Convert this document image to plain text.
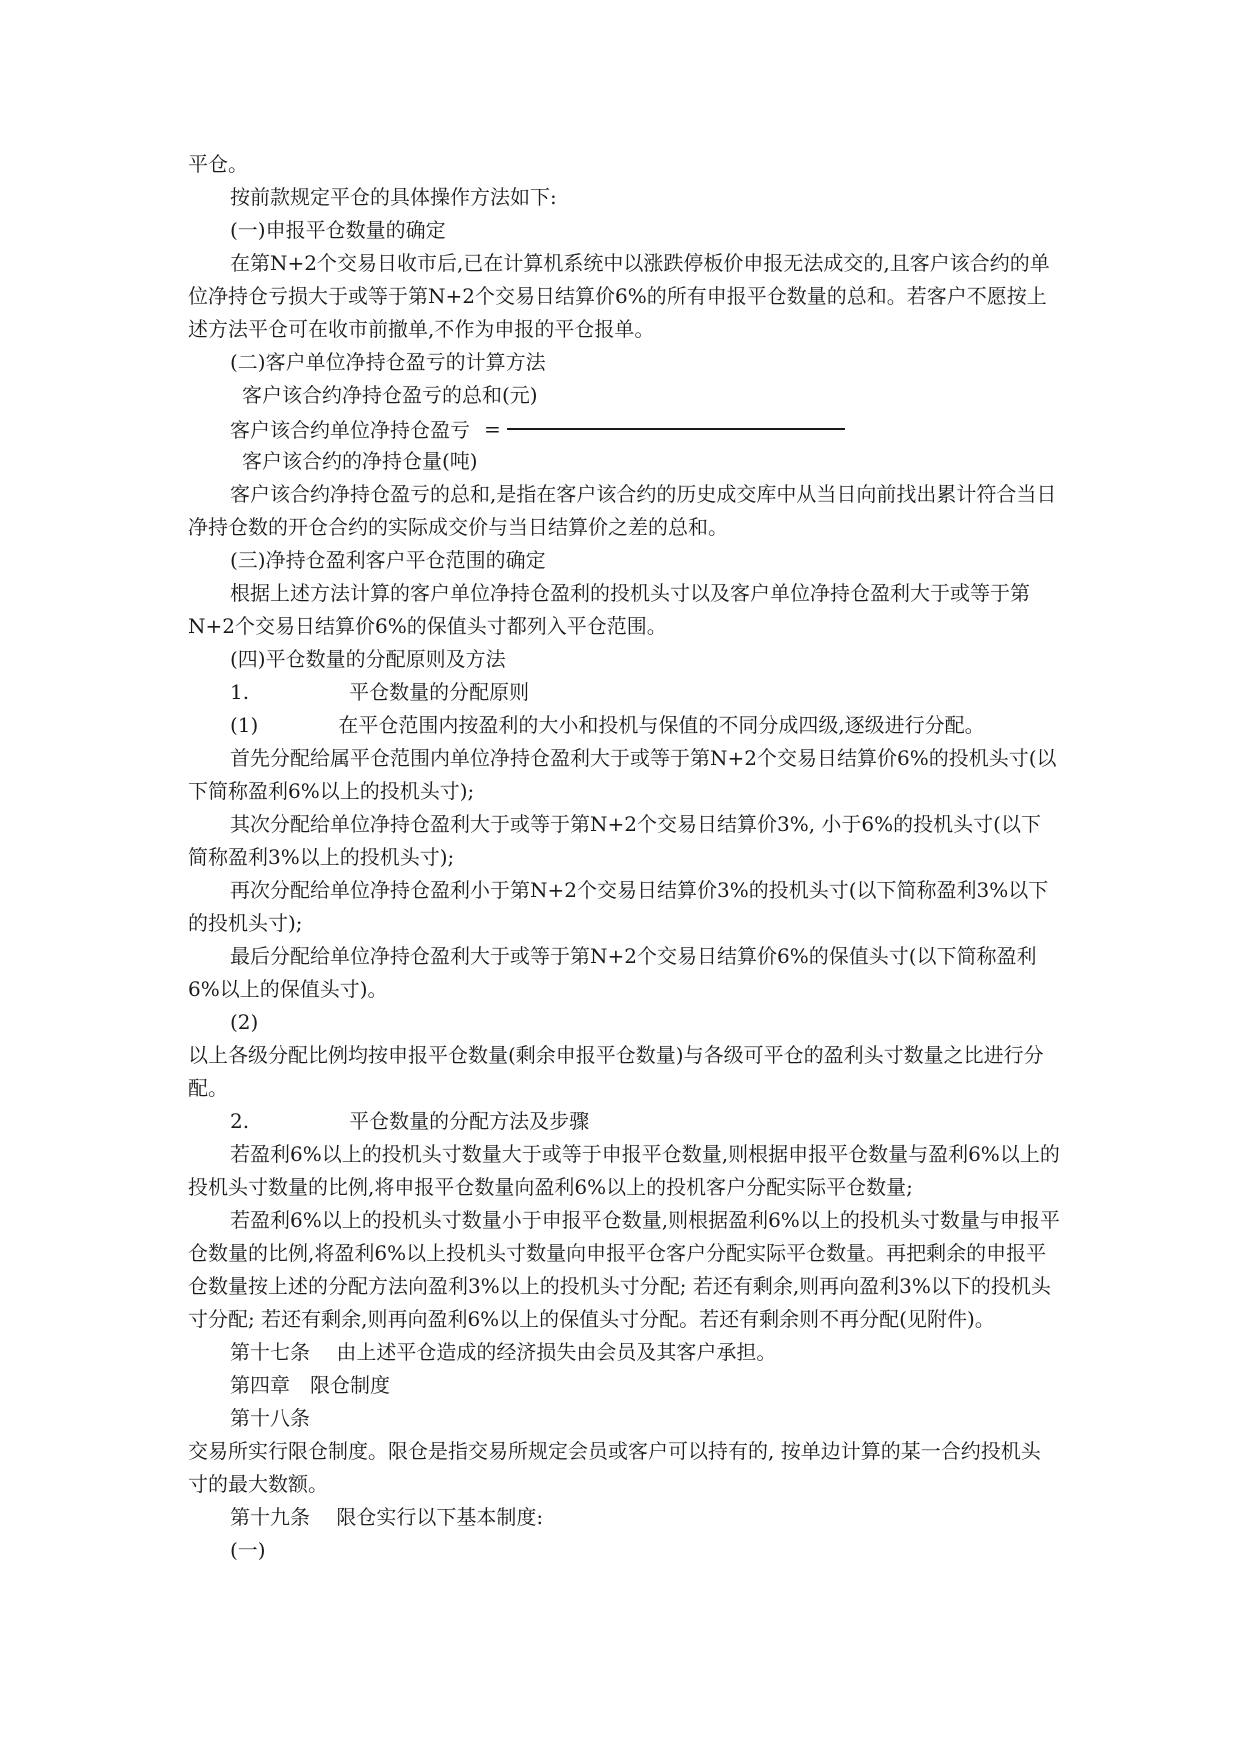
平仓。

按前款规定平仓的具体操作方法如下:

(一)申报平仓数量的确定

在第N+2个交易日收市后,已在计算机系统中以涨跌停板价申报无法成交的,且客户该合约的单位净持仓亏损大于或等于第N+2个交易日结算价6%的所有申报平仓数量的总和。若客户不愿按上述方法平仓可在收市前撤单,不作为申报的平仓报单。

(二)客户单位净持仓盈亏的计算方法

客户该合约净持仓盈亏的总和(元)

客户该合约单位净持仓盈亏 =

客户该合约的净持仓量(吨)

客户该合约净持仓盈亏的总和,是指在客户该合约的历史成交库中从当日向前找出累计符合当日净持仓数的开仓合约的实际成交价与当日结算价之差的总和。

(三)净持仓盈利客户平仓范围的确定

根据上述方法计算的客户单位净持仓盈利的投机头寸以及客户单位净持仓盈利大于或等于第N+2个交易日结算价6%的保值头寸都列入平仓范围。

(四)平仓数量的分配原则及方法

1.　　　　　平仓数量的分配原则

(1)　　　　在平仓范围内按盈利的大小和投机与保值的不同分成四级,逐级进行分配。

首先分配给属平仓范围内单位净持仓盈利大于或等于第N+2个交易日结算价6%的投机头寸(以下简称盈利6%以上的投机头寸);

其次分配给单位净持仓盈利大于或等于第N+2个交易日结算价3%, 小于6%的投机头寸(以下简称盈利3%以上的投机头寸);

再次分配给单位净持仓盈利小于第N+2个交易日结算价3%的投机头寸(以下简称盈利3%以下的投机头寸);

最后分配给单位净持仓盈利大于或等于第N+2个交易日结算价6%的保值头寸(以下简称盈利6%以上的保值头寸)。

(2)

以上各级分配比例均按申报平仓数量(剩余申报平仓数量)与各级可平仓的盈利头寸数量之比进行分配。

2.　　　　　平仓数量的分配方法及步骤

若盈利6%以上的投机头寸数量大于或等于申报平仓数量,则根据申报平仓数量与盈利6%以上的投机头寸数量的比例,将申报平仓数量向盈利6%以上的投机客户分配实际平仓数量;

若盈利6%以上的投机头寸数量小于申报平仓数量,则根据盈利6%以上的投机头寸数量与申报平仓数量的比例,将盈利6%以上投机头寸数量向申报平仓客户分配实际平仓数量。再把剩余的申报平仓数量按上述的分配方法向盈利3%以上的投机头寸分配; 若还有剩余,则再向盈利3%以下的投机头寸分配; 若还有剩余,则再向盈利6%以上的保值头寸分配。若还有剩余则不再分配(见附件)。

第十七条　 由上述平仓造成的经济损失由会员及其客户承担。

第四章　限仓制度

第十八条

交易所实行限仓制度。限仓是指交易所规定会员或客户可以持有的, 按单边计算的某一合约投机头寸的最大数额。

第十九条　 限仓实行以下基本制度:

(一)
